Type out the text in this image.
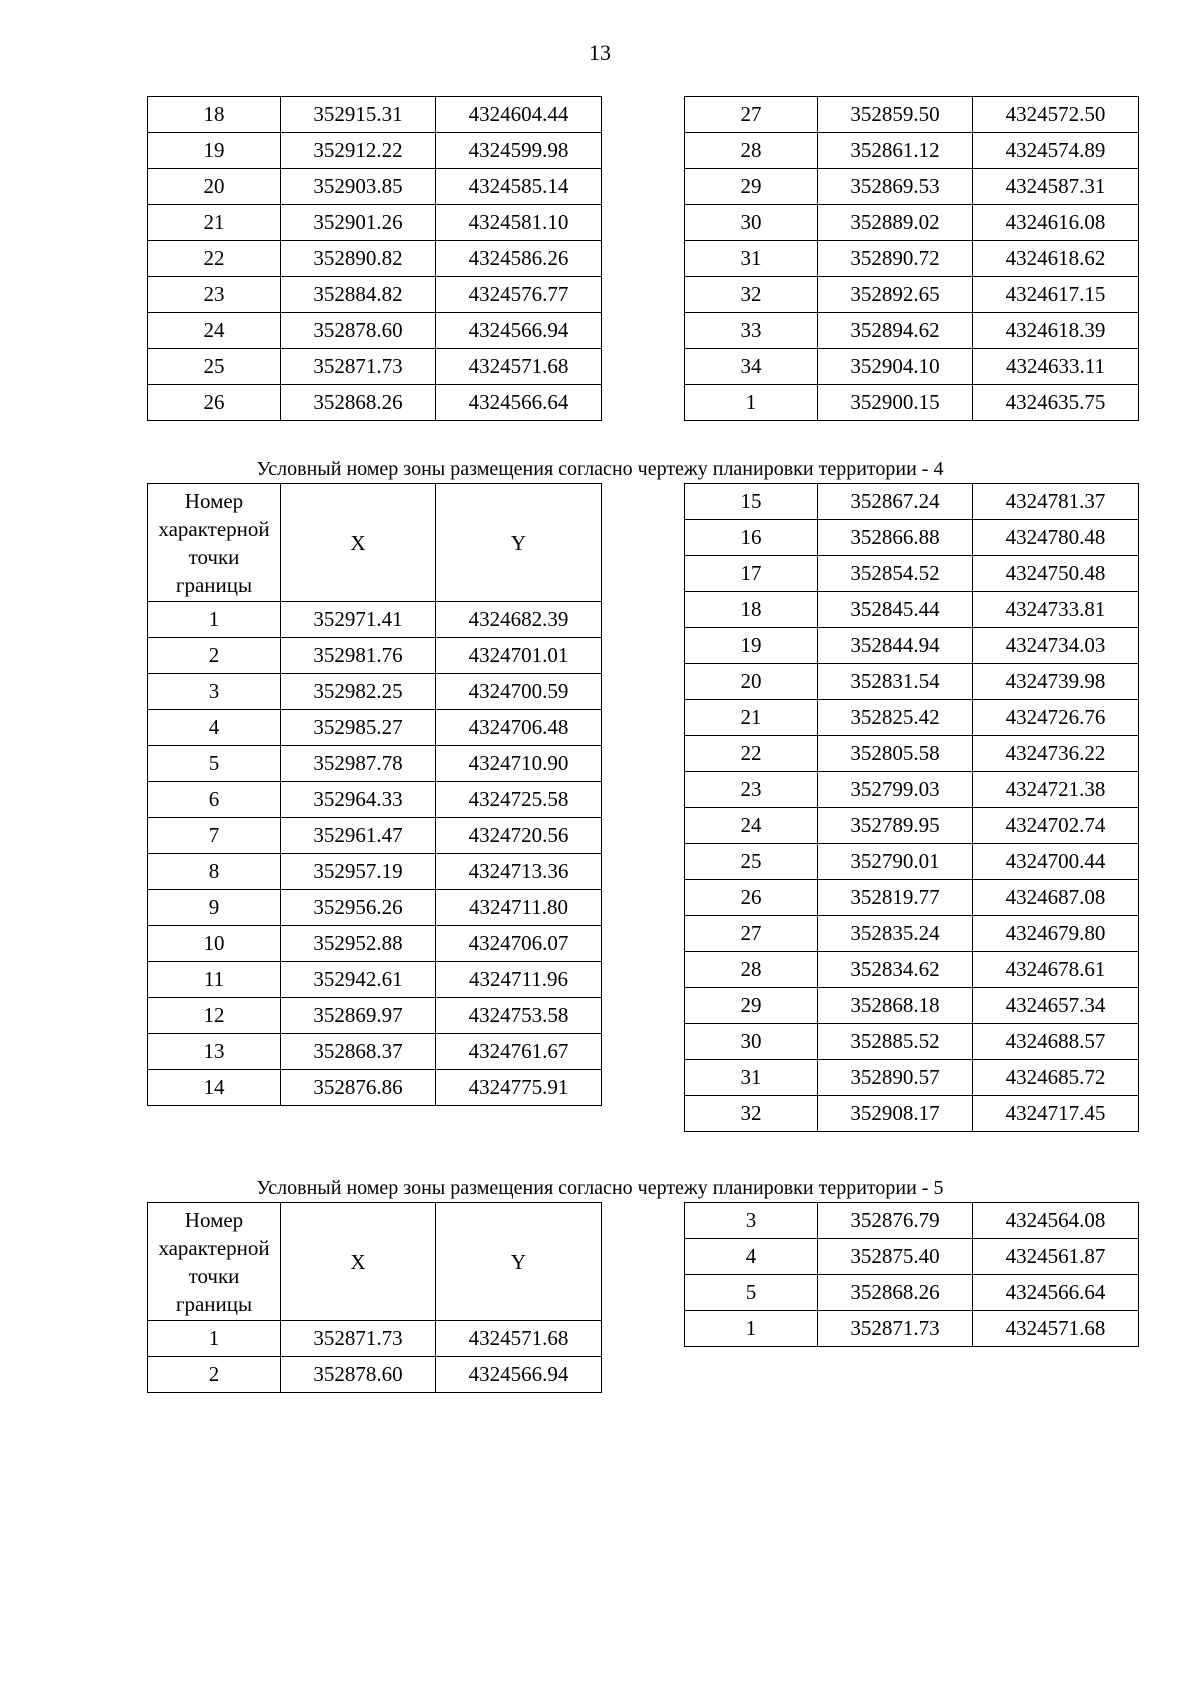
13
18	352915.31	4324604.44
19	352912.22	4324599.98
20	352903.85	4324585.14
21	352901.26	4324581.10
22	352890.82	4324586.26
23	352884.82	4324576.77
24	352878.60	4324566.94
25	352871.73	4324571.68
26	352868.26	4324566.64
27	352859.50	4324572.50
28	352861.12	4324574.89
29	352869.53	4324587.31
30	352889.02	4324616.08
31	352890.72	4324618.62
32	352892.65	4324617.15
33	352894.62	4324618.39
34	352904.10	4324633.11
1	352900.15	4324635.75
Условный номер зоны размещения согласно чертежу планировки территории - 4
Номер характерной точки границы	X	Y
1	352971.41	4324682.39
2	352981.76	4324701.01
3	352982.25	4324700.59
4	352985.27	4324706.48
5	352987.78	4324710.90
6	352964.33	4324725.58
7	352961.47	4324720.56
8	352957.19	4324713.36
9	352956.26	4324711.80
10	352952.88	4324706.07
11	352942.61	4324711.96
12	352869.97	4324753.58
13	352868.37	4324761.67
14	352876.86	4324775.91
15	352867.24	4324781.37
16	352866.88	4324780.48
17	352854.52	4324750.48
18	352845.44	4324733.81
19	352844.94	4324734.03
20	352831.54	4324739.98
21	352825.42	4324726.76
22	352805.58	4324736.22
23	352799.03	4324721.38
24	352789.95	4324702.74
25	352790.01	4324700.44
26	352819.77	4324687.08
27	352835.24	4324679.80
28	352834.62	4324678.61
29	352868.18	4324657.34
30	352885.52	4324688.57
31	352890.57	4324685.72
32	352908.17	4324717.45
Условный номер зоны размещения согласно чертежу планировки территории - 5
Номер характерной точки границы	X	Y
1	352871.73	4324571.68
2	352878.60	4324566.94
3	352876.79	4324564.08
4	352875.40	4324561.87
5	352868.26	4324566.64
1	352871.73	4324571.68
